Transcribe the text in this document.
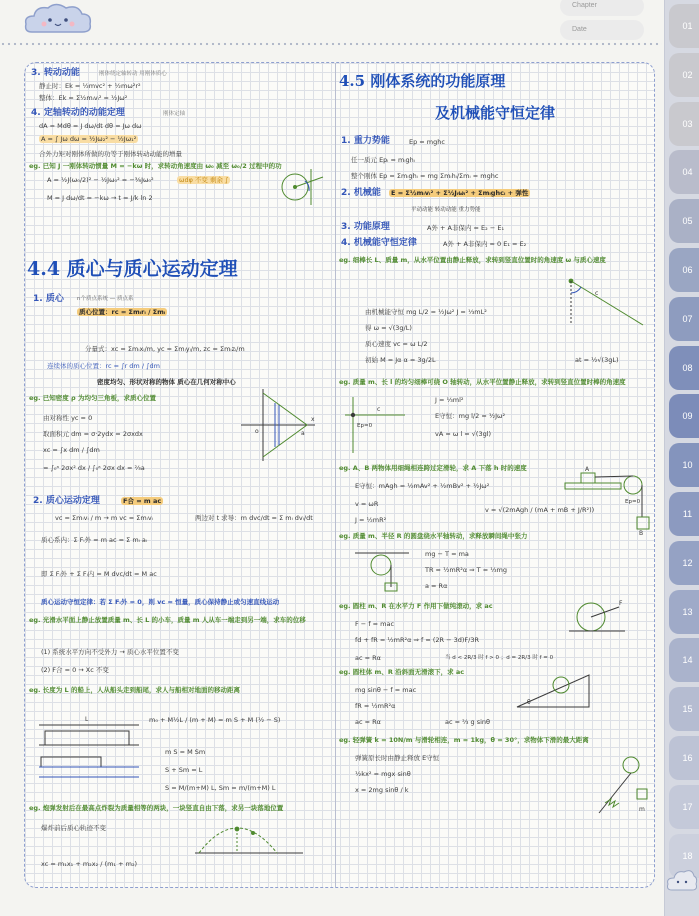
Chapter
Date	01
02
03
04
05
06
07
08
09
10
11
12
13
14
15
16
17
18
3. 转动动能	刚体绕定轴转动 用刚体质心
静止时：Ek = ½mvc² + ½mω²r²
整体：Ek = Σ½mᵢvᵢ² = ½Jω²
4. 定轴转动的动能定理	刚体定轴
dA = Mdθ = J dω/dt dθ = Jω dω
A = ∫ Jω dω = ½Jω₂² − ½Jω₁²
合外力矩对刚体所做的功等于刚体转动动能的增量
eg. 已知 J 一刚体转动惯量 M = −kω 时，求转动角速度由 ω₀ 减至 ω₀/2 过程中的功
A = ½J(ω₀/2)² − ½Jω₀² = −⅜Jω₀²	ωdφ 不变 剩余 ∫
M = J dω/dt = −kω → t = J/k ln 2
4.4 质心与质心运动定理
1. 质心 n个质点系统 — 质点系
质心位置：rc = Σmᵢrᵢ / Σmᵢ
分量式：xc = Σmᵢxᵢ/m, yc = Σmᵢyᵢ/m, zc = Σmᵢzᵢ/m
连续体的质心位置：rc = ∫r dm / ∫dm
密度均匀、形状对称的物体 质心在几何对称中心
eg. 已知密度 ρ 为均匀三角板，求质心位置
由对称性 yc = 0
取面积元 dm = σ·2ydx = 2σxdx
xc = ∫x dm / ∫dm
= ∫₀ᵃ 2σx² dx / ∫₀ᵃ 2σx dx = ⅔a
x
o	a
2. 质心运动定理	F合 = m ac
vc = Σmᵢvᵢ / m → m vc = Σmᵢvᵢ	两边对 t 求导：m dvc/dt = Σ mᵢ dvᵢ/dt
质心系内：Σ Fᵢ外 = m ac = Σ mᵢ aᵢ
即 Σ Fᵢ外 + Σ Fᵢ内 = M dvc/dt = M ac
质心运动守恒定律：若 Σ Fᵢ外 = 0，则 vc = 恒量，质心保持静止或匀速直线运动
eg. 光滑水平面上静止放置质量 m、长 L 的小车，质量 m 人从车一端走到另一端，求车的位移
(1) 系统水平方向不受外力 → 质心水平位置不变
(2) F合 = 0 → Xc 不变
eg. 长度为 L 的船上，人从船头走到船尾，求人与船相对地面的移动距离
m₀ + M½L / (m + M) = m S + M (½ − S)
m S = M Sm
S + Sm = L
S = M/(m+M) L, Sm = m/(m+M) L
L
eg. 炮弹发射后在最高点炸裂为质量相等的两块，一块竖直自由下落，求另一块落地位置
爆炸前后质心轨迹不变
xc = m₁x₁ + m₂x₂ / (m₁ + m₂)
4.5 刚体系统的功能原理
及机械能守恒定律
1. 重力势能	Ep = mghc
任一质元 Epᵢ = mᵢghᵢ
整个刚体 Ep = Σmᵢghᵢ = mg Σmᵢhᵢ/Σmᵢ = mghc
2. 机械能	E = Σ½mᵢvᵢ² + Σ½Jᵢωᵢ² + Σmᵢghcᵢ + 弹性
平动动能 转动动能 重力势能
3. 功能原理	A外 + A非保内 = E₂ − E₁
4. 机械能守恒定律	A外 + A非保内 = 0 E₁ = E₂
eg. 细棒长 L、质量 m，从水平位置由静止释放，求转到竖直位置时的角速度 ω 与质心速度
由机械能守恒 mg L/2 = ½Jω² J = ⅓mL²
得 ω = √(3g/L)
质心速度 vc = ω L/2
初始 M = Jα α = 3g/2L	at = ½√(3gL)
c
eg. 质量 m、长 l 的均匀细棒可绕 O 轴转动，从水平位置静止释放，求转到竖直位置时棒的角速度
J = ⅓ml²
E守恒：mg l/2 = ½Jω²
vA = ω l = √(3gl)
Ep=0
c
eg. A、B 两物体用细绳相连跨过定滑轮，求 A 下落 h 时的速度
E守恒：mAgh = ½mAv² + ½mBv² + ½Jω²
v = ωR
J = ½mR²
v = √(2mAgh / (mA + mB + J/R²))
A
B
Ep=0
eg. 质量 m、半径 R 的圆盘绕水平轴转动，求释放瞬间绳中张力
mg − T = ma
TR = ½mR²α ⇒ T = ⅓mg
a = Rα
eg. 圆柱 m、R 在水平力 F 作用下做纯滚动，求 ac
F − f = mac
fd + fR = ½mR²α ⇒ f = (2R − 3d)F/3R
ac = Rα	当 d < 2R/3 时 f > 0 ；d = 2R/3 时 f = 0
F
eg. 圆柱体 m、R 沿斜面无滑滚下，求 ac
mg sinθ − f = mac
fR = ½mR²α
ac = Rα	ac = ⅔ g sinθ
θ
eg. 轻弹簧 k = 10N/m 与滑轮相连，m = 1kg，θ = 30°，求物体下滑的最大距离
弹簧原长时由静止释放 E守恒
½kx² = mgx sinθ
x = 2mg sinθ / k
m
